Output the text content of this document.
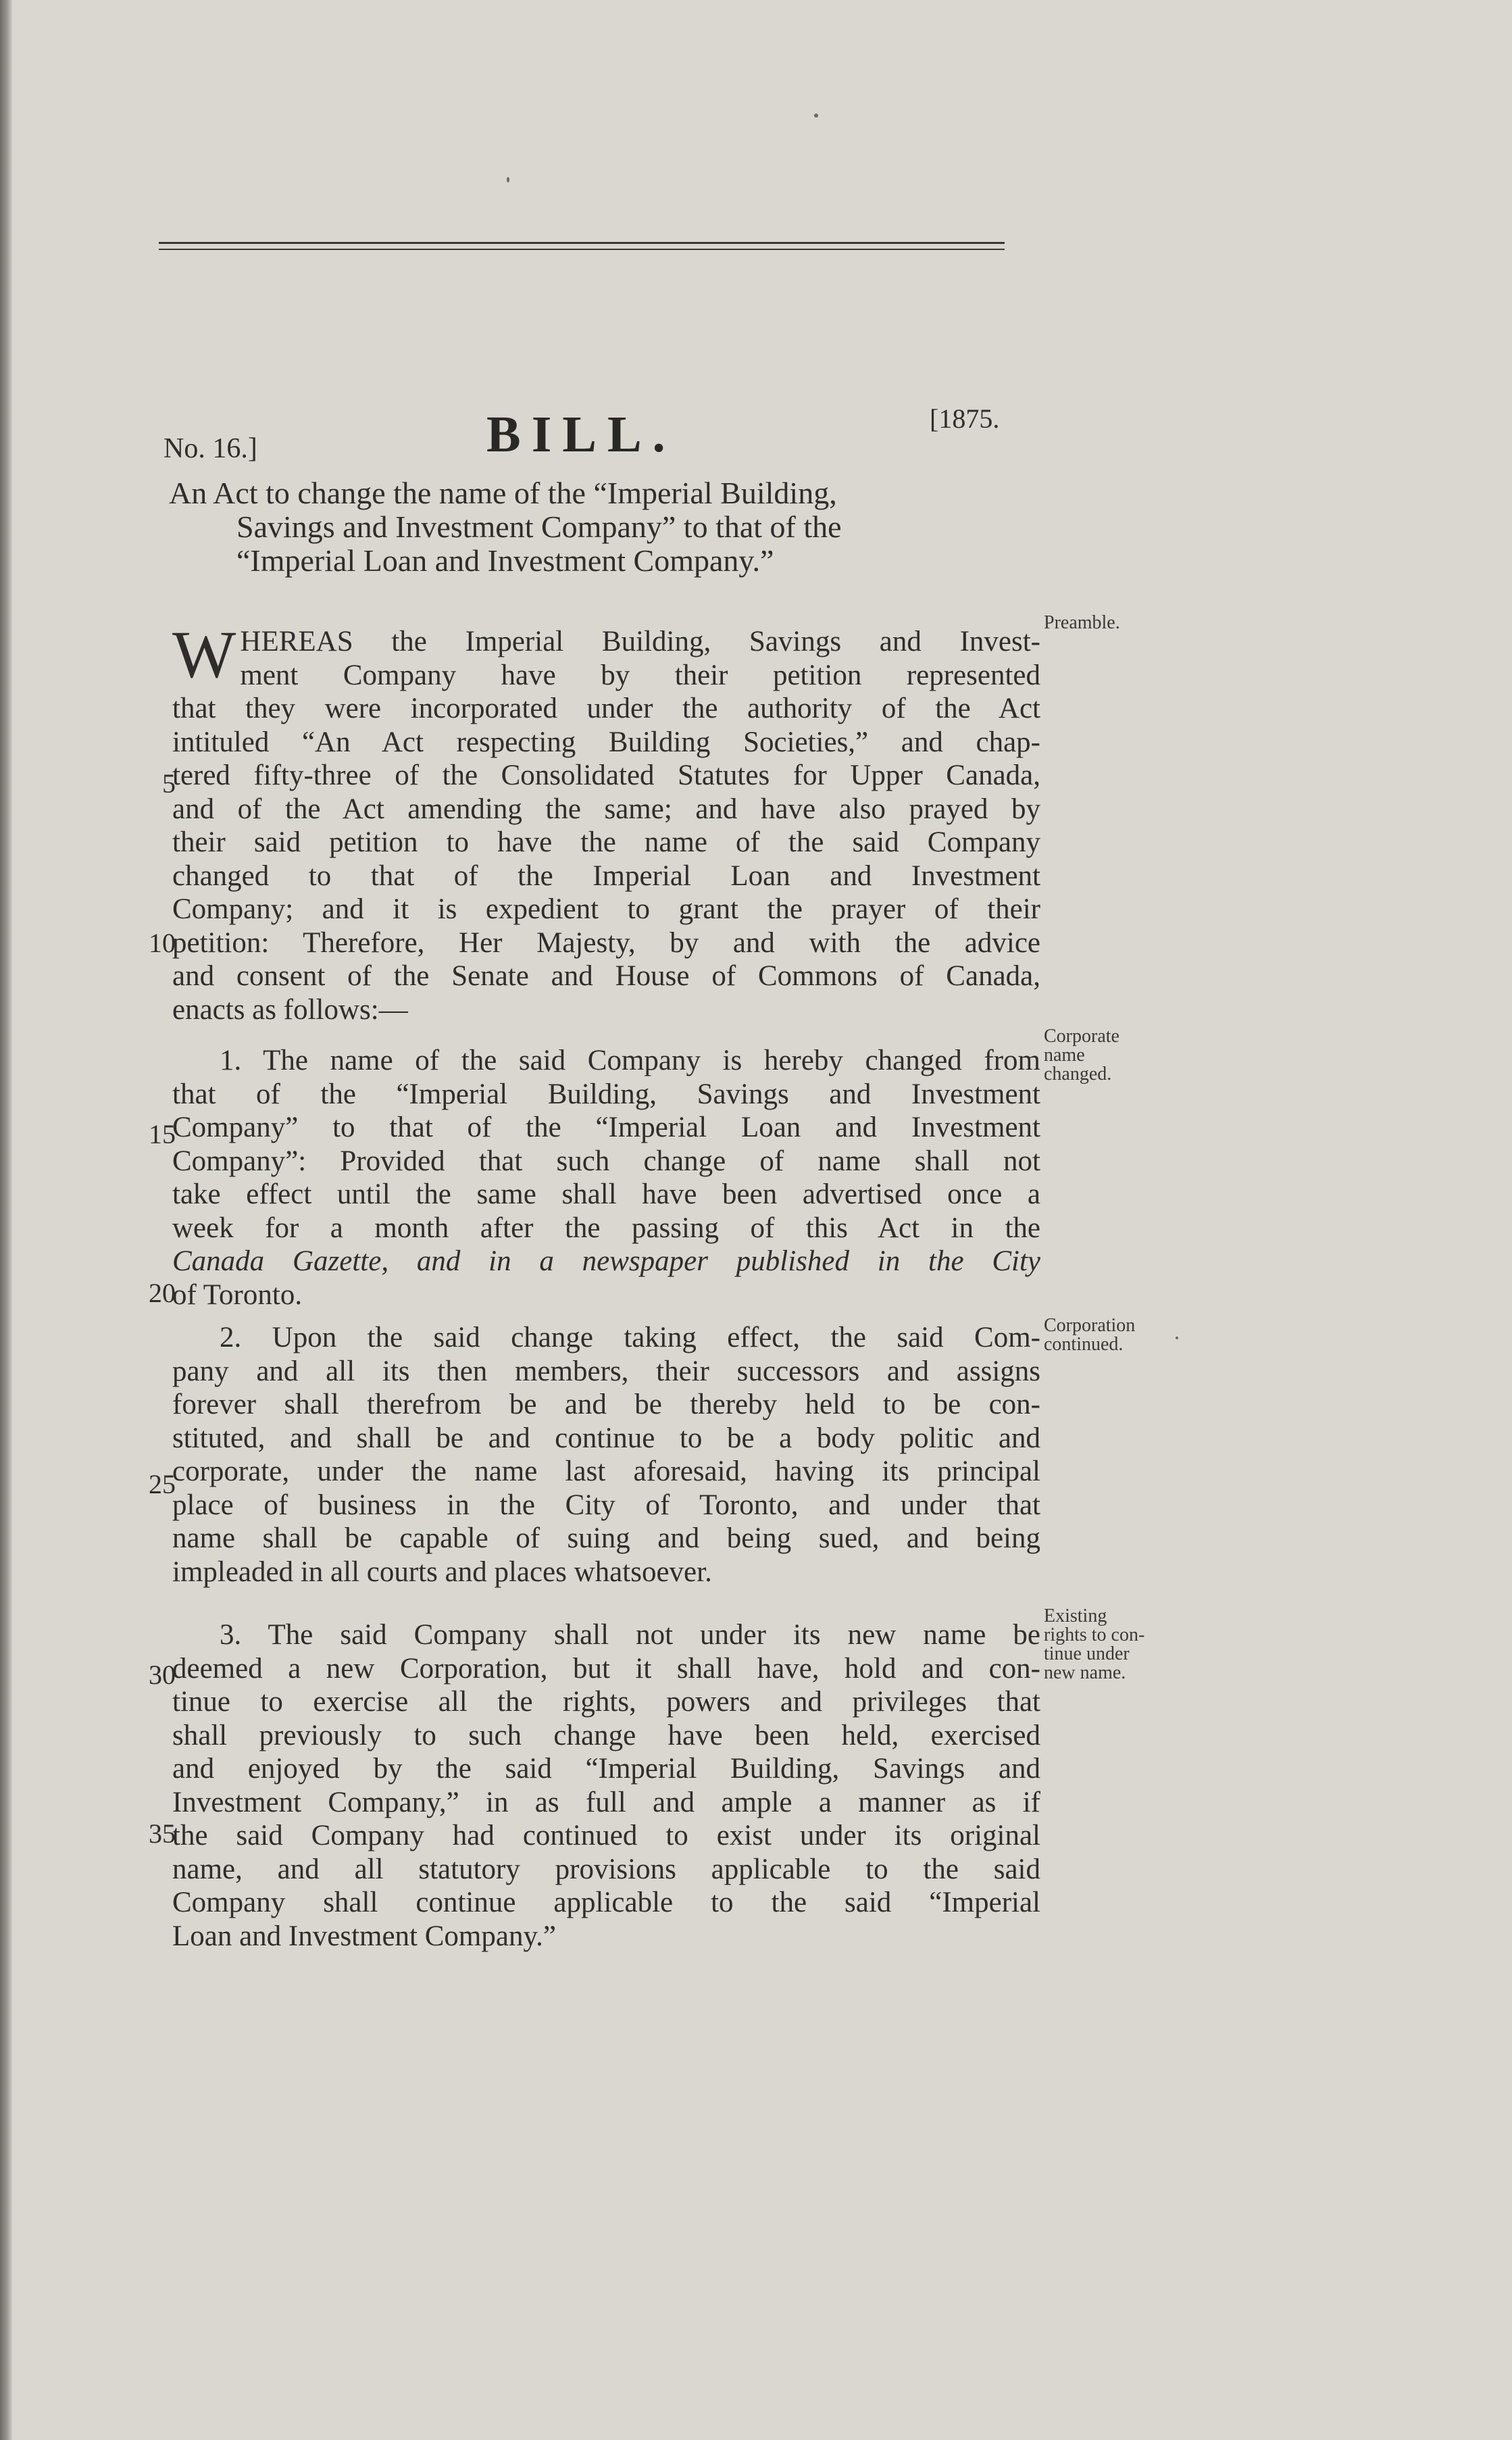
No. 16.]	BILL.	[1875.
An Act to change the name of the “Imperial Building,
Savings and Investment Company” to that of the
“Imperial Loan and Investment Company.”
W HEREAS the Imperial Building, Savings and Invest-
ment Company have by their petition represented
that they were incorporated under the authority of the Act
intituled “An Act respecting Building Societies,” and chap-
tered fifty-three of the Consolidated Statutes for Upper Canada,
and of the Act amending the same; and have also prayed by
their said petition to have the name of the said Company
changed to that of the Imperial Loan and Investment
Company; and it is expedient to grant the prayer of their
petition: Therefore, Her Majesty, by and with the advice
and consent of the Senate and House of Commons of Canada,
enacts as follows:—
Preamble.
1. The name of the said Company is hereby changed from
that of the “Imperial Building, Savings and Investment
Company” to that of the “Imperial Loan and Investment
Company”: Provided that such change of name shall not
take effect until the same shall have been advertised once a
week for a month after the passing of this Act in the
Canada Gazette, and in a newspaper published in the City
of Toronto.
Corporate
name
changed.
2. Upon the said change taking effect, the said Com-
pany and all its then members, their successors and assigns
forever shall therefrom be and be thereby held to be con-
stituted, and shall be and continue to be a body politic and
corporate, under the name last aforesaid, having its principal
place of business in the City of Toronto, and under that
name shall be capable of suing and being sued, and being
impleaded in all courts and places whatsoever.
Corporation
continued.
3. The said Company shall not under its new name be
deemed a new Corporation, but it shall have, hold and con-
tinue to exercise all the rights, powers and privileges that
shall previously to such change have been held, exercised
and enjoyed by the said “Imperial Building, Savings and
Investment Company,” in as full and ample a manner as if
the said Company had continued to exist under its original
name, and all statutory provisions applicable to the said
Company shall continue applicable to the said “Imperial
Loan and Investment Company.”
Existing
rights to con-
tinue under
new name.
5
10
15
20
25
30
35
